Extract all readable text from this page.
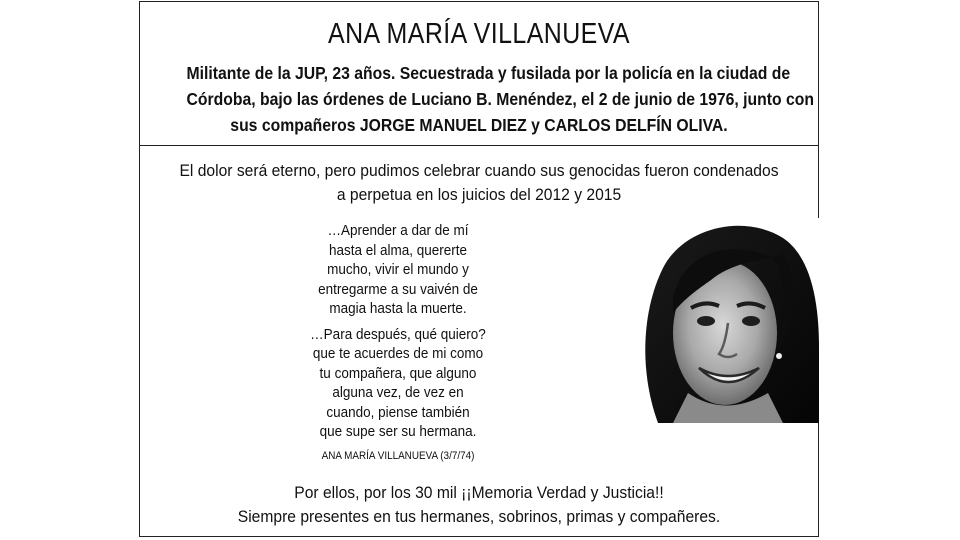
ANA MARÍA VILLANUEVA
Militante de la JUP, 23 años. Secuestrada y fusilada por la policía en la ciudad de
Córdoba, bajo las órdenes de Luciano B. Menéndez, el 2 de junio de 1976, junto con
sus compañeros JORGE MANUEL DIEZ y CARLOS DELFÍN OLIVA.
El dolor será eterno, pero pudimos celebrar cuando sus genocidas fueron condenados
a perpetua en los juicios del 2012 y 2015
…Aprender a dar de mí
hasta el alma, quererte
mucho, vivir el mundo y
entregarme a su vaivén de
magia hasta la muerte.
…Para después, qué quiero?
que te acuerdes de mi como
tu compañera, que alguno
alguna vez, de vez en
cuando, piense también
que supe ser su hermana.
ANA MARÍA VILLANUEVA (3/7/74)
Por ellos, por los 30 mil ¡¡Memoria Verdad y Justicia!!
Siempre presentes en tus hermanes, sobrinos, primas y compañeres.
